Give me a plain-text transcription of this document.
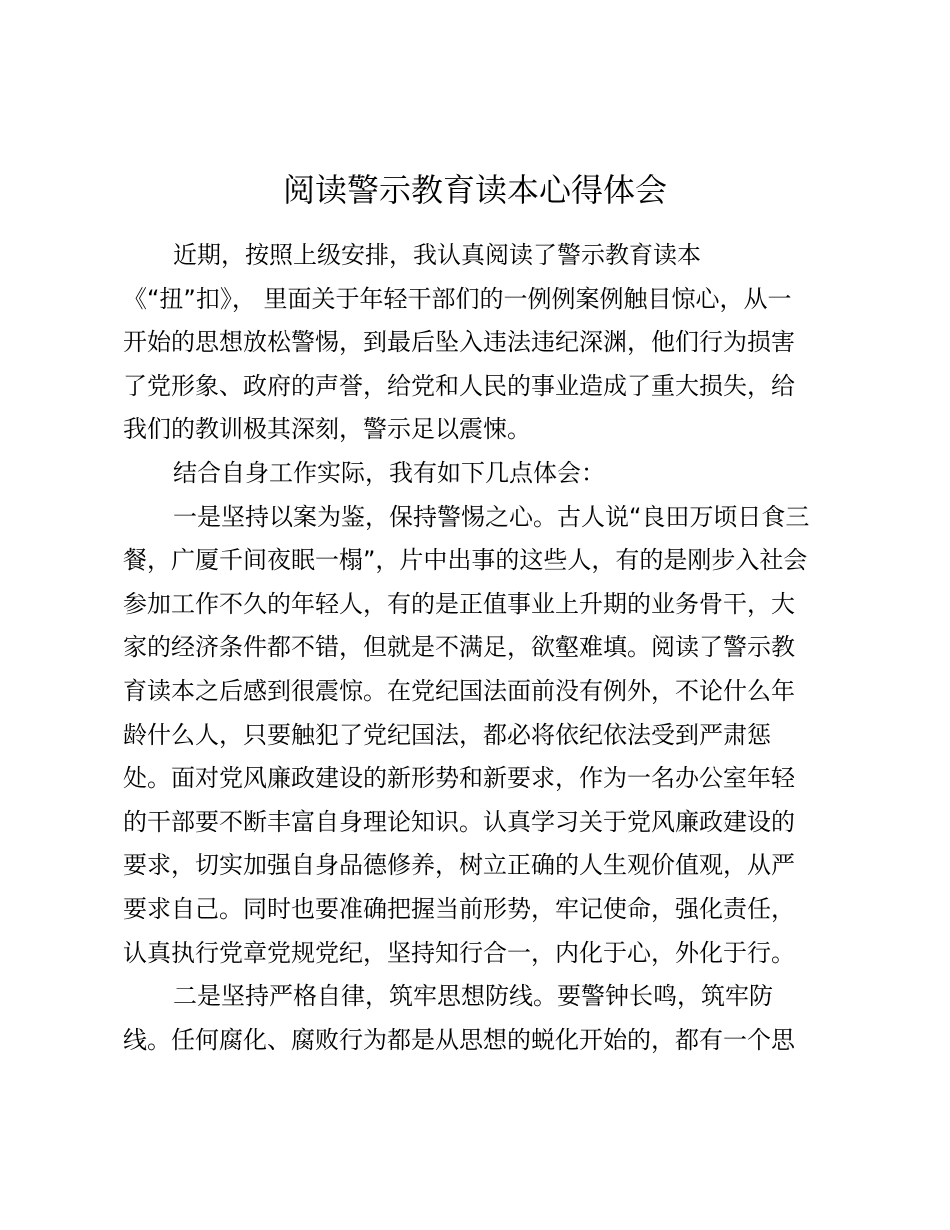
阅读警示教育读本心得体会
近期，按照上级安排，我认真阅读了警示教育读本
《“扭”扣》， 里面关于年轻干部们的一例例案例触目惊心，从一
开始的思想放松警惕，到最后坠入违法违纪深渊，他们行为损害
了党形象、政府的声誉，给党和人民的事业造成了重大损失，给
我们的教训极其深刻，警示足以震悚。
结合自身工作实际，我有如下几点体会：
一是坚持以案为鉴，保持警惕之心。古人说“良田万顷日食三
餐，广厦千间夜眠一榻”，片中出事的这些人，有的是刚步入社会
参加工作不久的年轻人，有的是正值事业上升期的业务骨干，大
家的经济条件都不错，但就是不满足，欲壑难填。阅读了警示教
育读本之后感到很震惊。在党纪国法面前没有例外，不论什么年
龄什么人，只要触犯了党纪国法，都必将依纪依法受到严肃惩
处。面对党风廉政建设的新形势和新要求，作为一名办公室年轻
的干部要不断丰富自身理论知识。认真学习关于党风廉政建设的
要求，切实加强自身品德修养，树立正确的人生观价值观，从严
要求自己。同时也要准确把握当前形势，牢记使命，强化责任，
认真执行党章党规党纪，坚持知行合一，内化于心，外化于行。
二是坚持严格自律，筑牢思想防线。要警钟长鸣，筑牢防
线。任何腐化、腐败行为都是从思想的蜕化开始的，都有一个思
